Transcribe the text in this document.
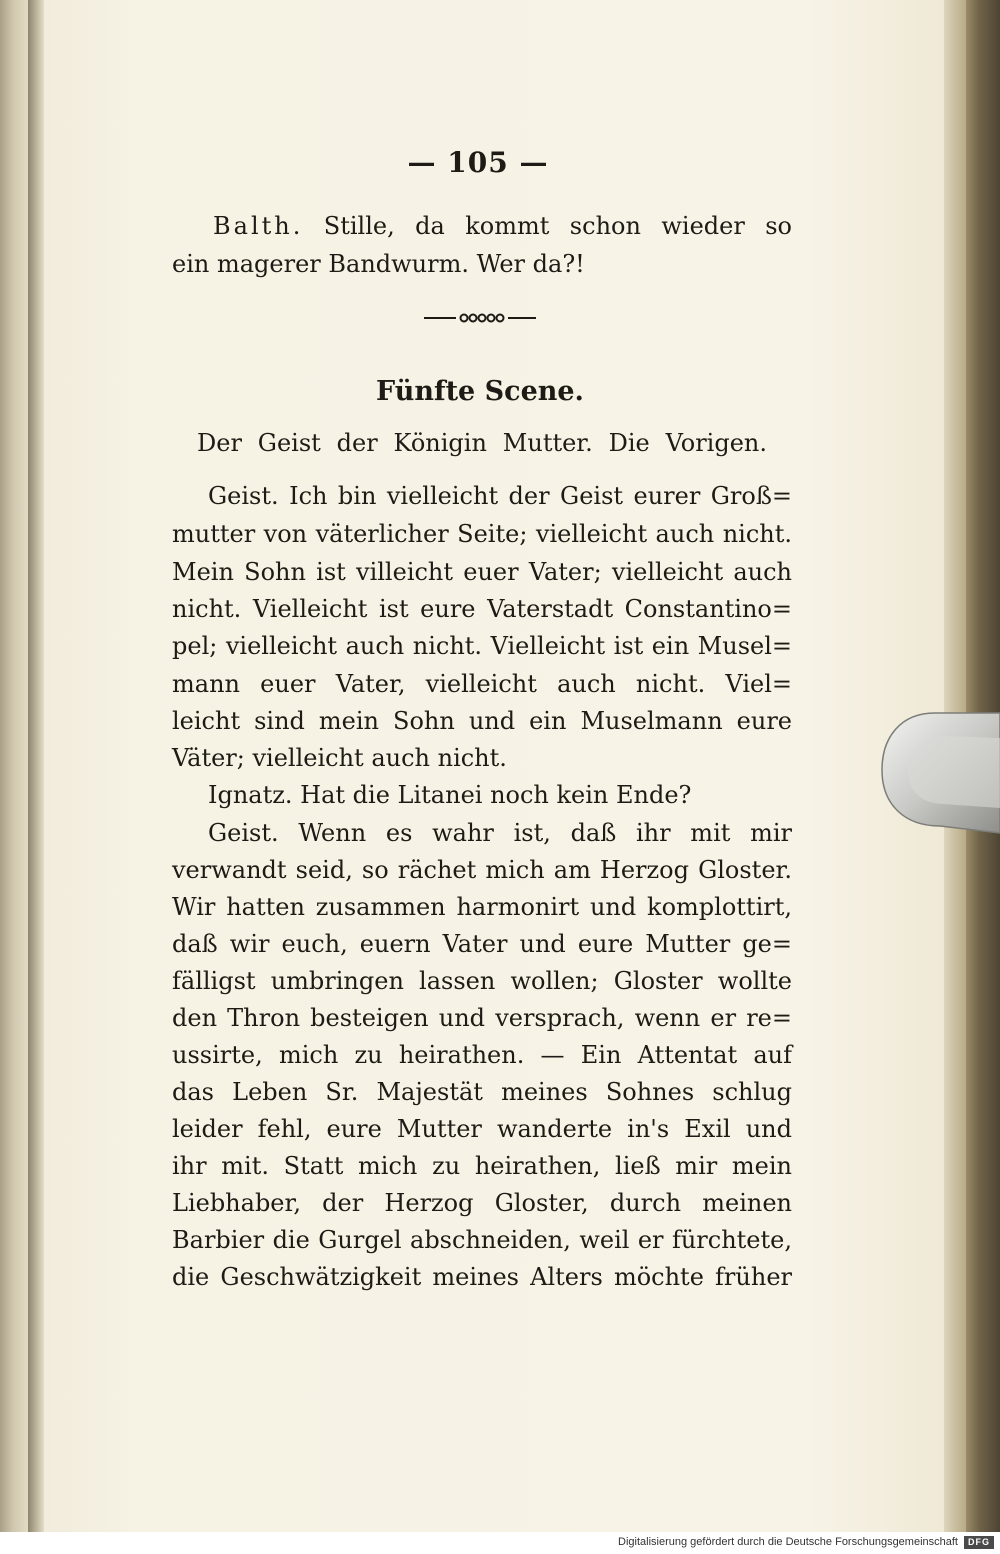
— 105 —
Balth. Stille, da kommt schon wieder so
ein magerer Bandwurm. Wer da?!
Fünfte Scene.
Der Geist der Königin Mutter. Die Vorigen.
Geist. Ich bin vielleicht der Geist eurer Groß=
mutter von väterlicher Seite; vielleicht auch nicht.
Mein Sohn ist villeicht euer Vater; vielleicht auch
nicht. Vielleicht ist eure Vaterstadt Constantino=
pel; vielleicht auch nicht. Vielleicht ist ein Musel=
mann euer Vater, vielleicht auch nicht. Viel=
leicht sind mein Sohn und ein Muselmann eure
Väter; vielleicht auch nicht.
Ignatz. Hat die Litanei noch kein Ende?
Geist. Wenn es wahr ist, daß ihr mit mir
verwandt seid, so rächet mich am Herzog Gloster.
Wir hatten zusammen harmonirt und komplottirt,
daß wir euch, euern Vater und eure Mutter ge=
fälligst umbringen lassen wollen; Gloster wollte
den Thron besteigen und versprach, wenn er re=
ussirte, mich zu heirathen. — Ein Attentat auf
das Leben Sr. Majestät meines Sohnes schlug
leider fehl, eure Mutter wanderte in's Exil und
ihr mit. Statt mich zu heirathen, ließ mir mein
Liebhaber, der Herzog Gloster, durch meinen
Barbier die Gurgel abschneiden, weil er fürchtete,
die Geschwätzigkeit meines Alters möchte früher
Digitalisierung gefördert durch die Deutsche Forschungsgemeinschaft	DFG
